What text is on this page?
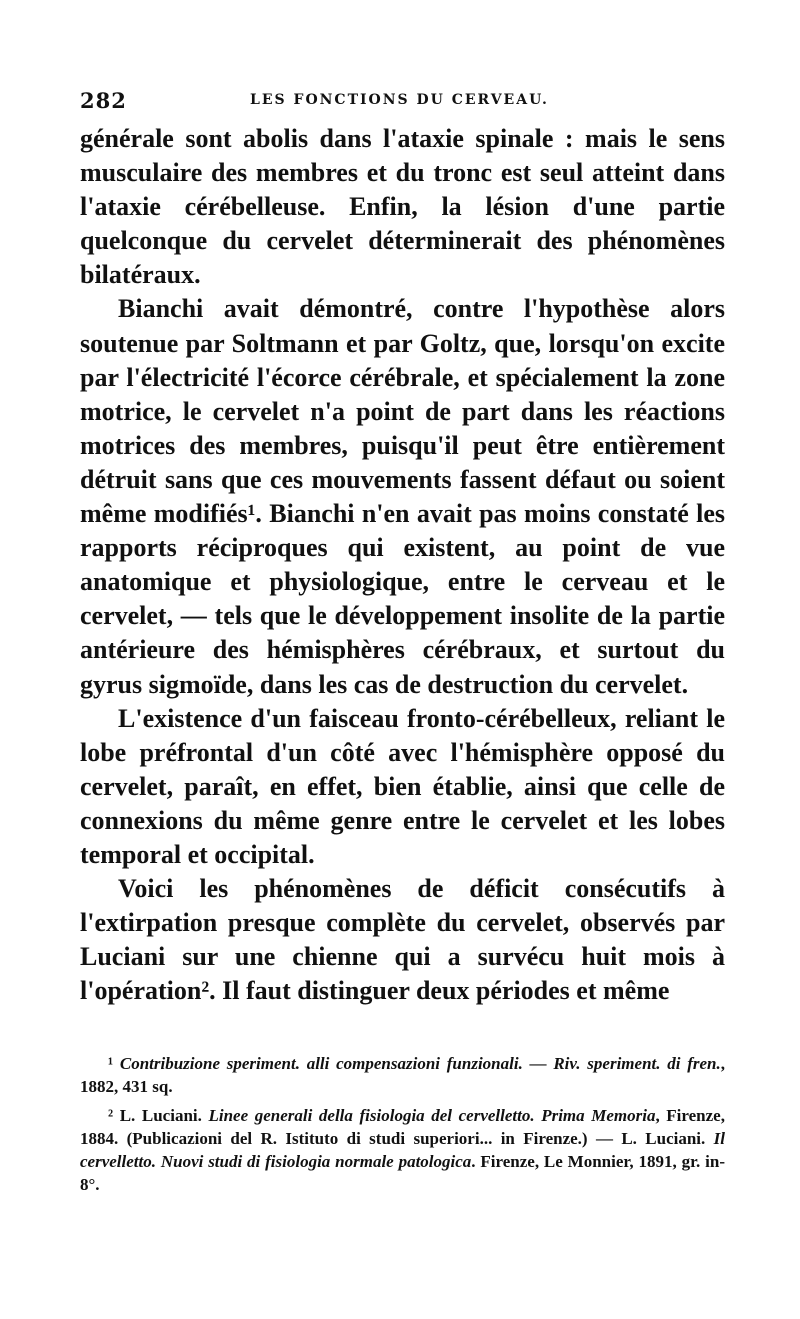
282	LES FONCTIONS DU CERVEAU.

générale sont abolis dans l'ataxie spinale : mais le sens musculaire des membres et du tronc est seul atteint dans l'ataxie cérébelleuse. Enfin, la lésion d'une partie quelconque du cervelet déterminerait des phénomènes bilatéraux.

Bianchi avait démontré, contre l'hypothèse alors soutenue par Soltmann et par Goltz, que, lorsqu'on excite par l'électricité l'écorce cérébrale, et spécialement la zone motrice, le cervelet n'a point de part dans les réactions motrices des membres, puisqu'il peut être entièrement détruit sans que ces mouvements fassent défaut ou soient même modifiés¹. Bianchi n'en avait pas moins constaté les rapports réciproques qui existent, au point de vue anatomique et physiologique, entre le cerveau et le cervelet, — tels que le développement insolite de la partie antérieure des hémisphères cérébraux, et surtout du gyrus sigmoïde, dans les cas de destruction du cervelet.

L'existence d'un faisceau fronto-cérébelleux, reliant le lobe préfrontal d'un côté avec l'hémisphère opposé du cervelet, paraît, en effet, bien établie, ainsi que celle de connexions du même genre entre le cervelet et les lobes temporal et occipital.

Voici les phénomènes de déficit consécutifs à l'extirpation presque complète du cervelet, observés par Luciani sur une chienne qui a survécu huit mois à l'opération². Il faut distinguer deux périodes et même

¹ Contribuzione speriment. alli compensazioni funzionali. — Riv. speriment. di fren., 1882, 431 sq.

² L. Luciani. Linee generali della fisiologia del cervelletto. Prima Memoria, Firenze, 1884. (Publicazioni del R. Istituto di studi superiori... in Firenze.) — L. Luciani. Il cervelletto. Nuovi studi di fisiologia normale patologica. Firenze, Le Monnier, 1891, gr. in-8°.
